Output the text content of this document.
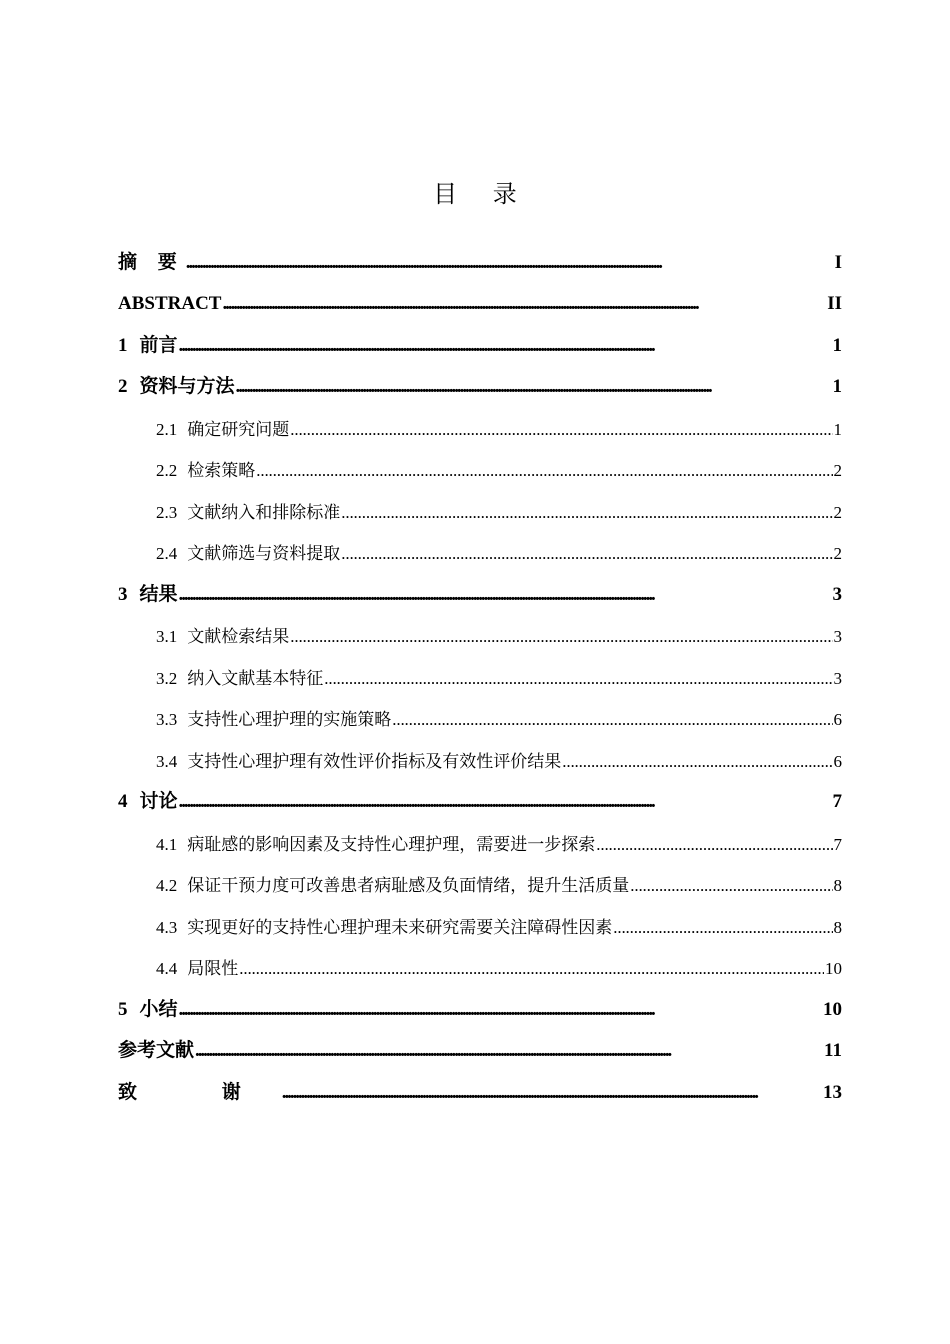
目 录
摘 要 . . .	I
ABSTRACT . . .	II
1 前言 . . .	1
2 资料与方法 . . .	1
2.1 确定研究问题 . . .	1
2.2 检索策略 . . .	2
2.3 文献纳入和排除标准 . . .	2
2.4 文献筛选与资料提取 . . .	2
3 结果 . . .	3
3.1 文献检索结果 . . .	3
3.2 纳入文献基本特征 . . .	3
3.3 支持性心理护理的实施策略 . . .	6
3.4 支持性心理护理有效性评价指标及有效性评价结果 . . .	6
4 讨论 . . .	7
4.1 病耻感的影响因素及支持性心理护理，需要进一步探索 . . .	7
4.2 保证干预力度可改善患者病耻感及负面情绪，提升生活质量 . . .	8
4.3 实现更好的支持性心理护理未来研究需要关注障碍性因素 . . .	8
4.4 局限性 . . .	10
5 小结 . . .	10
参考文献 . . .	11
致 谢 . . .	13
